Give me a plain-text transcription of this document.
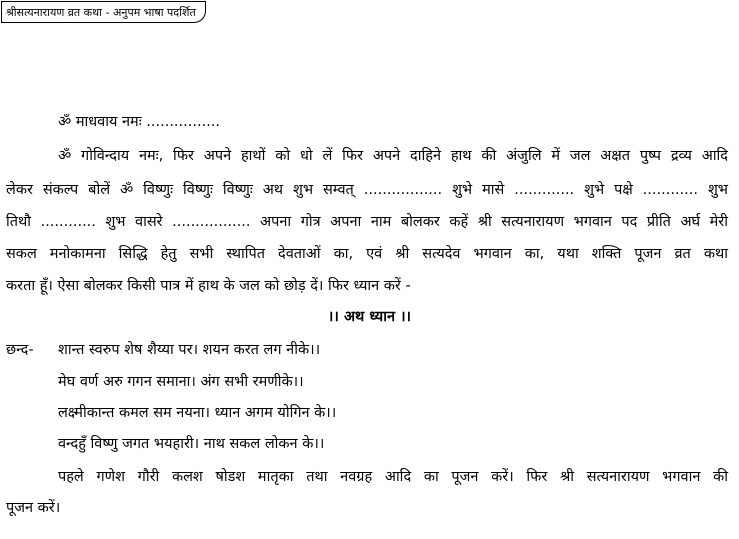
श्रीसत्यनारायण व्रत कथा - अनुपम भाषा पदर्शित
ॐ माधवाय नमः ................
ॐ गोविन्दाय नमः, फिर अपने हाथों को धो लें फिर अपने दाहिने हाथ की अंजुलि में जल अक्षत पुष्प द्रव्य आदि
लेकर संकल्प बोलें ॐ विष्णुः विष्णुः विष्णुः अथ शुभ सम्वत् ................. शुभे मासे ............. शुभे पक्षे ............ शुभ
तिथौ ............ शुभ वासरे ................. अपना गोत्र अपना नाम बोलकर कहें श्री सत्यनारायण भगवान पद प्रीति अर्घ मेरी
सकल मनोकामना सिद्धि हेतु सभी स्थापित देवताओं का, एवं श्री सत्यदेव भगवान का, यथा शक्ति पूजन व्रत कथा
करता हूँ। ऐसा बोलकर किसी पात्र में हाथ के जल को छोड़ दें। फिर ध्यान करें -
।। अथ ध्यान ।।
छन्द- शान्त स्वरुप शेष शैय्या पर। शयन करत लग नीके।।
मेघ वर्ण अरु गगन समाना। अंग सभी रमणीके।।
लक्ष्मीकान्त कमल सम नयना। ध्यान अगम योगिन के।।
वन्दहुँ विष्णु जगत भयहारी। नाथ सकल लोकन के।।
पहले गणेश गौरी कलश षोडश मातृका तथा नवग्रह आदि का पूजन करें। फिर श्री सत्यनारायण भगवान की
पूजन करें।
